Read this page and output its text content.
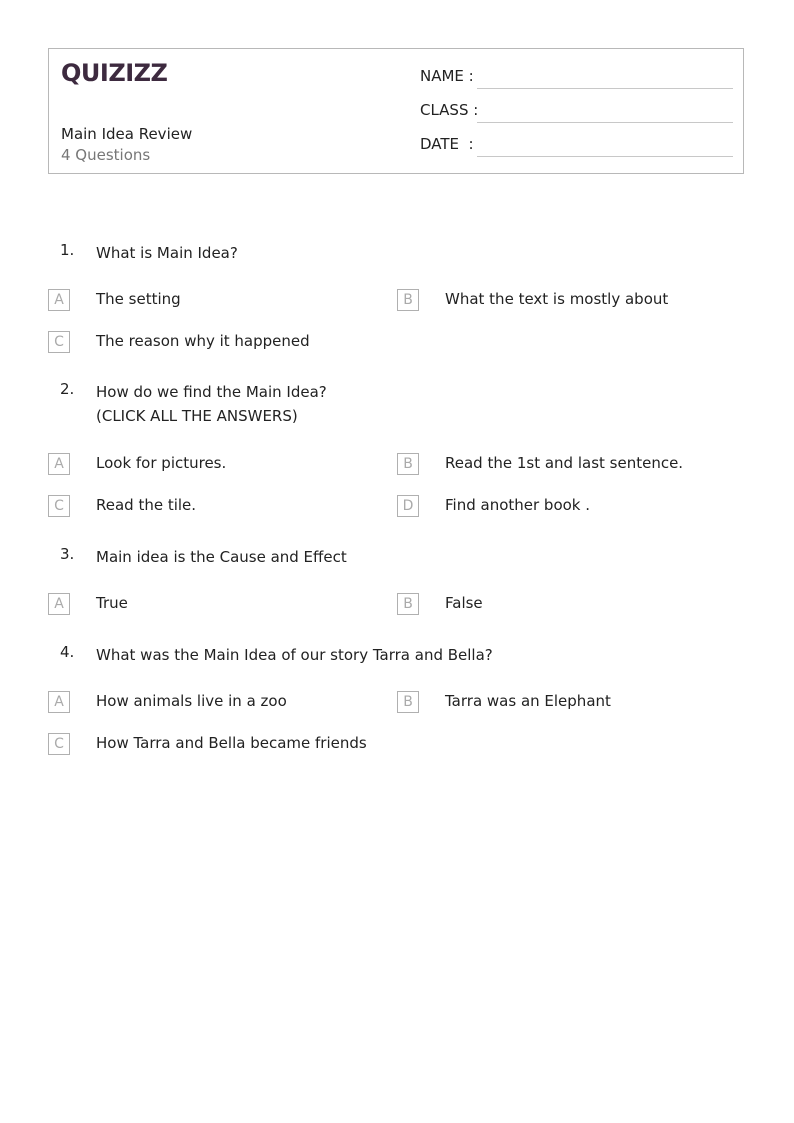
QUIZIZZ
Main Idea Review
4 Questions
NAME :
CLASS :
DATE  :
1. What is Main Idea?
A	The setting	B	What the text is mostly about
C	The reason why it happened
2. How do we find the Main Idea?
(CLICK ALL THE ANSWERS)
A	Look for pictures.	B	Read the 1st and last sentence.
C	Read the tile.	D	Find another book .
3. Main idea is the Cause and Effect
A	True	B	False
4. What was the Main Idea of our story Tarra and Bella?
A	How animals live in a zoo	B	Tarra was an Elephant
C	How Tarra and Bella became friends
